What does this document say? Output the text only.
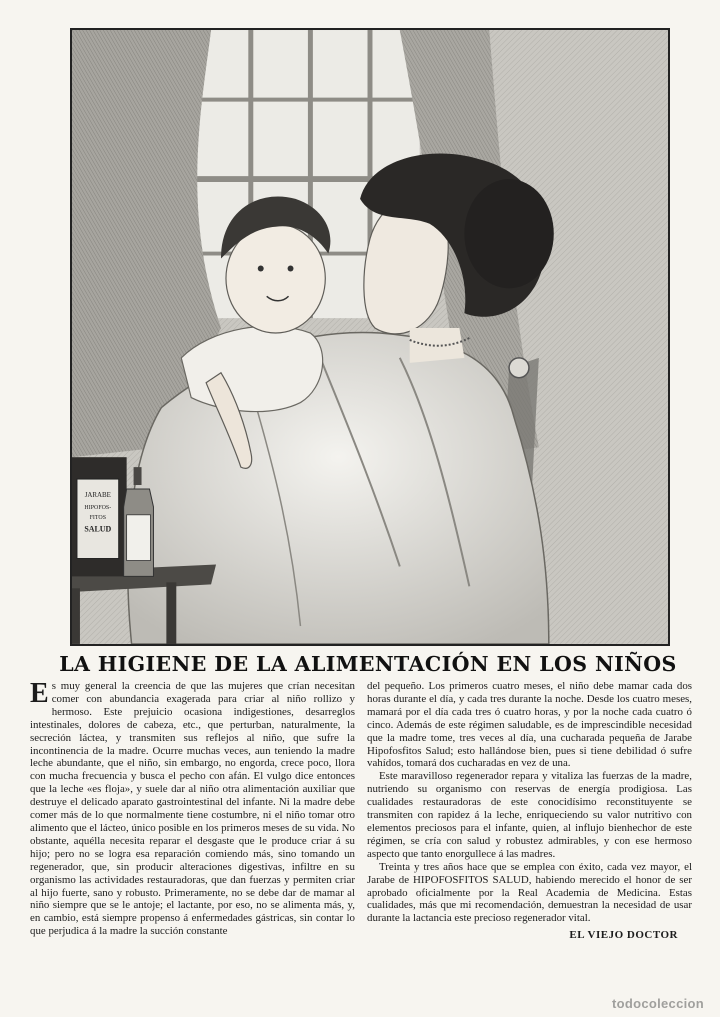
JARABE
HIPOFOS-
FITOS
SALUD
LA HIGIENE DE LA ALIMENTACIÓN EN LOS NIÑOS

Es muy general la creencia de que las mujeres que crían necesitan comer con abundancia exagerada para criar al niño rollizo y hermoso. Este prejuicio ocasiona indigestiones, desarreglos intestinales, dolores de cabeza, etc., que perturban, naturalmente, la secreción láctea, y transmiten sus reflejos al niño, que sufre la incontinencia de la madre. Ocurre muchas veces, aun teniendo la madre leche abundante, que el niño, sin embargo, no engorda, crece poco, llora con mucha frecuencia y busca el pecho con afán. El vulgo dice entonces que la leche «es floja», y suele dar al niño otra alimentación auxiliar que destruye el delicado aparato gastrointestinal del infante. Ni la madre debe comer más de lo que normalmente tiene costumbre, ni el niño tomar otro alimento que el lácteo, único posible en los primeros meses de su vida. No obstante, aquélla necesita reparar el desgaste que le produce criar á su hijo; pero no se logra esa reparación comiendo más, sino tomando un regenerador, que, sin producir alteraciones digestivas, infiltre en su organismo las actividades restauradoras, que dan fuerzas y permiten criar al hijo fuerte, sano y robusto. Primeramente, no se debe dar de mamar al niño siempre que se le antoje; el lactante, por eso, no se alimenta más, y, en cambio, está siempre propenso á enfermedades gástricas, sin contar lo que perjudica á la madre la succión constante

del pequeño. Los primeros cuatro meses, el niño debe mamar cada dos horas durante el día, y cada tres durante la noche. Desde los cuatro meses, mamará por el día cada tres ó cuatro horas, y por la noche cada cuatro ó cinco. Además de este régimen saludable, es de imprescindible necesidad que la madre tome, tres veces al día, una cucharada pequeña de Jarabe Hipofosfitos Salud; esto hallándose bien, pues si tiene debilidad ó sufre vahídos, tomará dos cucharadas en vez de una.

Este maravilloso regenerador repara y vitaliza las fuerzas de la madre, nutriendo su organismo con reservas de energía prodigiosa. Las cualidades restauradoras de este conocidísimo reconstituyente se transmiten con rapidez á la leche, enriqueciendo su valor nutritivo con elementos preciosos para el infante, quien, al influjo bienhechor de este régimen, se cría con salud y robustez admirables, y con ese hermoso aspecto que tanto enorgullece á las madres.

Treinta y tres años hace que se emplea con éxito, cada vez mayor, el Jarabe de HIPOFOSFITOS SALUD, habiendo merecido el honor de ser aprobado oficialmente por la Real Academia de Medicina. Estas cualidades, más que mi recomendación, demuestran la necesidad de usar durante la lactancia este precioso regenerador vital.

EL VIEJO DOCTOR
todocoleccion
